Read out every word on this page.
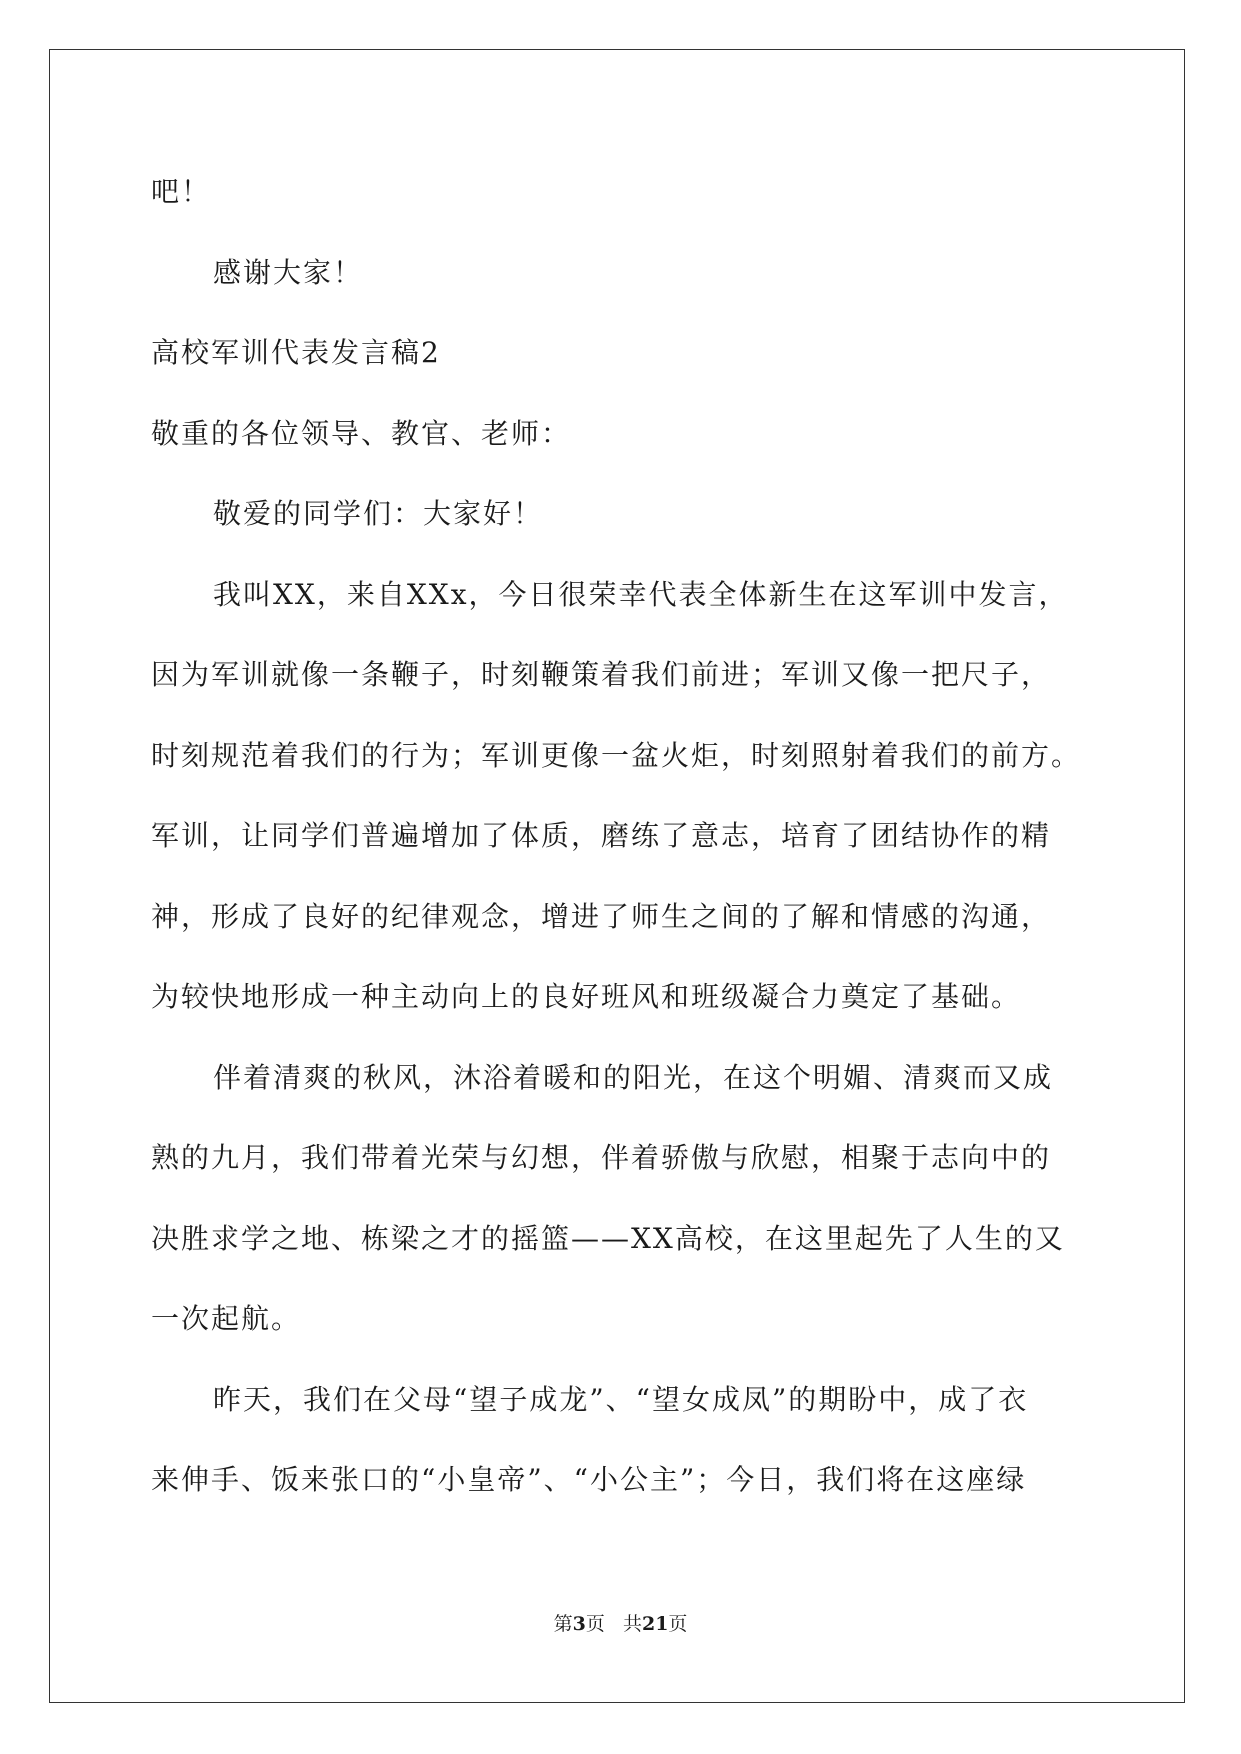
吧！
感谢大家！
高校军训代表发言稿2
敬重的各位领导、教官、老师：
敬爱的同学们：大家好！
我叫XX，来自XXx，今日很荣幸代表全体新生在这军训中发言，
因为军训就像一条鞭子，时刻鞭策着我们前进；军训又像一把尺子，
时刻规范着我们的行为；军训更像一盆火炬，时刻照射着我们的前方。
军训，让同学们普遍增加了体质，磨练了意志，培育了团结协作的精
神，形成了良好的纪律观念，增进了师生之间的了解和情感的沟通，
为较快地形成一种主动向上的良好班风和班级凝合力奠定了基础。
伴着清爽的秋风，沐浴着暖和的阳光，在这个明媚、清爽而又成
熟的九月，我们带着光荣与幻想，伴着骄傲与欣慰，相聚于志向中的
决胜求学之地、栋梁之才的摇篮——XX高校，在这里起先了人生的又
一次起航。
昨天，我们在父母“望子成龙”、“望女成凤”的期盼中，成了衣
来伸手、饭来张口的“小皇帝”、“小公主”；今日，我们将在这座绿
第3页 共21页
